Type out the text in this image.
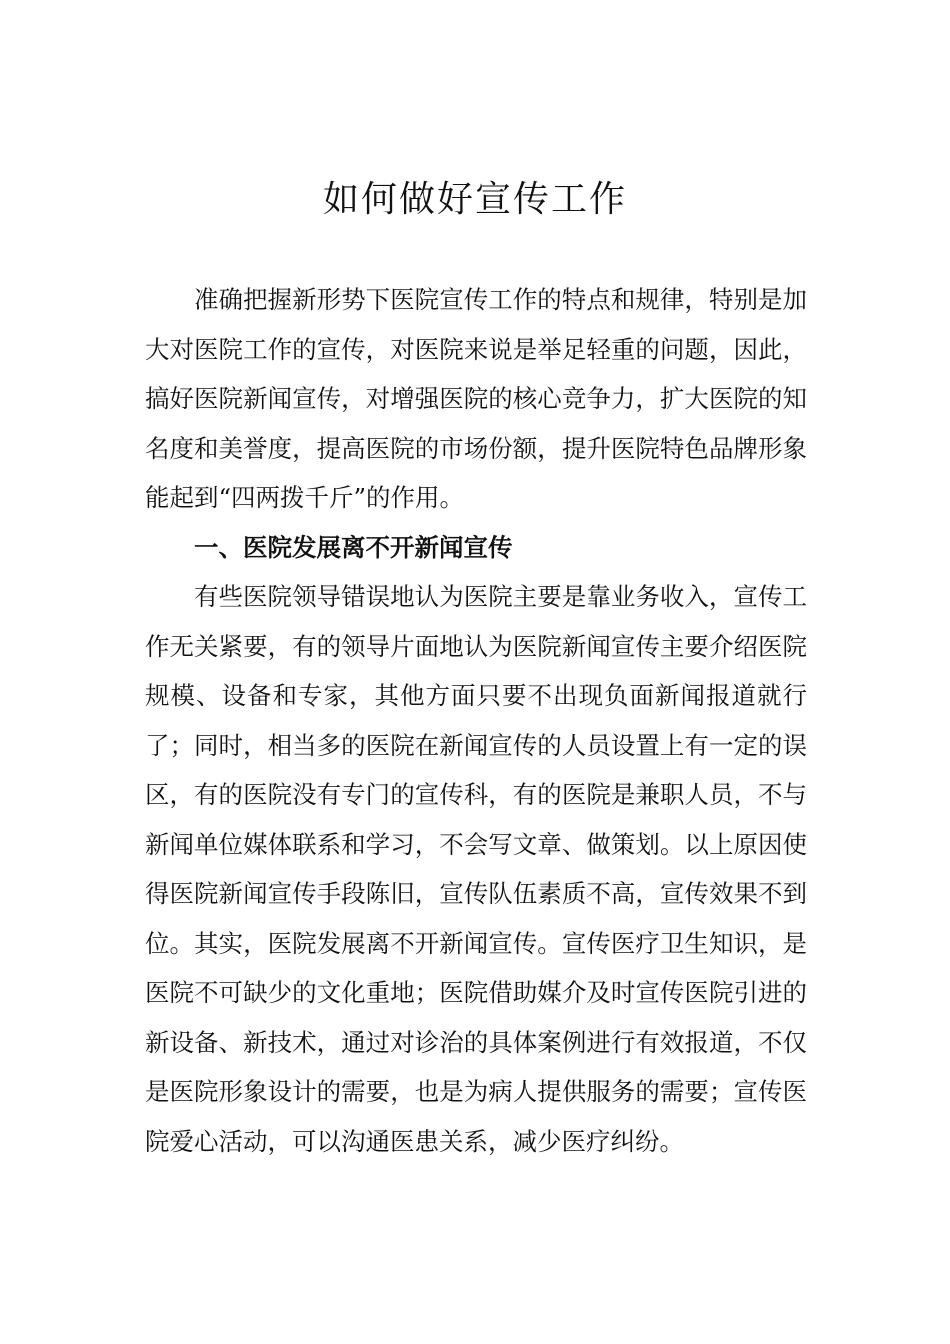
如何做好宣传工作

准确把握新形势下医院宣传工作的特点和规律，特别是加大对医院工作的宣传，对医院来说是举足轻重的问题，因此，搞好医院新闻宣传，对增强医院的核心竞争力，扩大医院的知名度和美誉度，提高医院的市场份额，提升医院特色品牌形象能起到“四两拨千斤”的作用。

一、医院发展离不开新闻宣传

有些医院领导错误地认为医院主要是靠业务收入，宣传工作无关紧要，有的领导片面地认为医院新闻宣传主要介绍医院规模、设备和专家，其他方面只要不出现负面新闻报道就行了；同时，相当多的医院在新闻宣传的人员设置上有一定的误区，有的医院没有专门的宣传科，有的医院是兼职人员，不与新闻单位媒体联系和学习，不会写文章、做策划。以上原因使得医院新闻宣传手段陈旧，宣传队伍素质不高，宣传效果不到位。其实，医院发展离不开新闻宣传。宣传医疗卫生知识，是医院不可缺少的文化重地；医院借助媒介及时宣传医院引进的新设备、新技术，通过对诊治的具体案例进行有效报道，不仅是医院形象设计的需要，也是为病人提供服务的需要；宣传医院爱心活动，可以沟通医患关系，减少医疗纠纷。
